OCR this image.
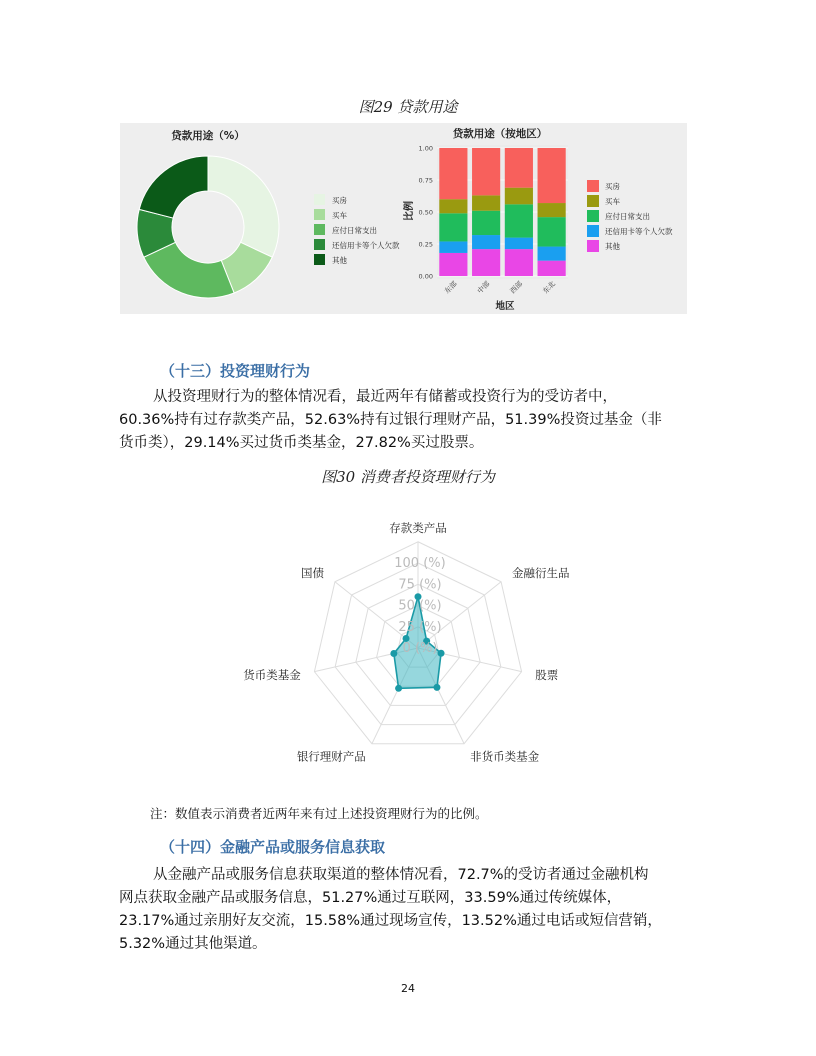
图29 贷款用途
贷款用途（%）
买房
买车
应付日常支出
还信用卡等个人欠款
其他
贷款用途（按地区）
1.00
0.75
0.50
0.25
0.00
东部 中部 西部 东北
买房
买车
应付日常支出
还信用卡等个人欠款
其他
比例
地区
（十三）投资理财行为
从投资理财行为的整体情况看，最近两年有储蓄或投资行为的受访者中，
60.36%持有过存款类产品，52.63%持有过银行理财产品，51.39%投资过基金（非
货币类），29.14%买过货币类基金，27.82%买过股票。
图30 消费者投资理财行为
100 (%)
75 (%)
50 (%)
25 (%)
0 (%)
存款类产品
金融衍生品
股票
非货币类基金
银行理财产品
货币类基金
国债
注：数值表示消费者近两年来有过上述投资理财行为的比例。
（十四）金融产品或服务信息获取
从金融产品或服务信息获取渠道的整体情况看，72.7%的受访者通过金融机构
网点获取金融产品或服务信息，51.27%通过互联网，33.59%通过传统媒体，
23.17%通过亲朋好友交流，15.58%通过现场宣传，13.52%通过电话或短信营销，
5.32%通过其他渠道。
24
